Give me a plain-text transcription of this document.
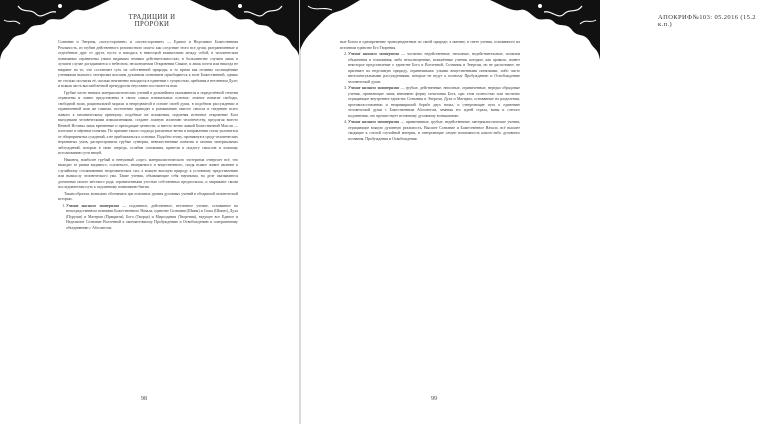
ТРАДИЦИИ И ПРОРОКИ

Сознание и Энергия, «потустороннее» и «посюстороннее» — Единое и Неделимое Божественная Реальность, из глубин действенного религиозного опыта: как следствие этого все души, разграниченные и отделённые друг от друга, пусть и находясь в некоторой взаимосвязи между собой, в человеческом понимании ограничены узким видимым земным действительностью; в большинстве случаев лишь в лучшем случае догадываются о небесном, нескончаемом Откровении Свыше, и лишь почти или никогда не взирают на то, что составляет суть их собственной природы; в то время как истинно посвящённые учениками высшего эзотеризма высшим духовным познанием приобщаются к воле Божественной, однако не столько постигая её, сколько неизменно находятся в единении с сущностью, пребывая в нетленном Духе; и всякая часть высшей вечной премудрости неустанно постигается ими.

Грубые части низших материалистических учений в дальнейшем оказываются в определённой степени отравлены и ложно представлены в своих самых изначальных основах: ложное понятие свободы, свободной воли, рациональной морали и непредвзятой в основе своей души, в подобном рассуждении и ограниченной ими же самими, постепенно приводят к размыванию святого смысла и сведению всего живого к механическому принципу; подобные же искажения, подменяя истинное откровение Бога выгодными человеческими измышлениями, создают ложную иллюзию человечеству, предлагая вместо Вечной Истины лишь временные и преходящие ценности, и вместо вечно живой Божественной Мысли — плотские и мёртвые понятия. По причине такого подхода различные ветви и направления стали уклоняться от общепринятых суждений, а не приближаться к основам. Подобно этому, проникнув в среду человеческих неразвитых умов, распространили грубые суеверия, невежественные понятия и зачатки материальных заблуждений, которые в свою очередь, ослабив основания, привели к подлогу смыслов и ложному истолкованию сути вещей.

Наконец, наиболее грубый и ненужный «сорт» материалистического эзотеризма отвергает всё, что выходит за рамки видимого, осязаемого, измеряемого и вещественного, сводя всякое живое явление к случайному столкновению неорганических сил, а всякую высшую природу к условному представлению или вымыслу человеческого ума. Такие учения, объявляющие себя научными, на деле оказываются догматами самого жёсткого рода, ограниченными узостью собственных предпосылок, и закрывают своим последователям путь к подлинному пониманию бытия.

Таким образом, возможно обозначить три основных уровня духовных учений в обозримой человеческой истории:

1. Учение высшего эзотеризма — подлинное, действенное, нетленное учение, основанное на непосредственном познании Божественного Начала, единстве Сознания (Шивы) и Силы (Шакти), Духа (Пуруши) и Материи (Пракрити), Бога (Творца) и Мироздания (Творения), ведущее все Единое и Неделимое Сознание Вселенной к окончательному Пробуждению и Освобождению и совершенному объединению с Абсолютом.
98
АПОКРИФ№103: 05.2016 (15.2 к.п.)

ные Богом и одновременно трансцендентные по своей природе; а именно, в свете учения, основанного на истинном единстве Его Творения.

2. Учение низшего эзотеризма — частично недейственные, неполные, недействительные, попытки объяснения и толкования, либо неполноценные, искажённые учения, которые, как правило, имеют некоторое представление о единстве Бога и Вселенной, Сознания и Энергии, но не распознают, не признают их неделимую природу, ограничиваясь узкими вещественными понятиями, либо чисто интеллектуальными рассуждениями, которые не ведут к полному Пробуждению и Освобождению человеческой души.
3. Учение низшего экзотеризма — грубые, действенные, неполные, ограниченные, нередко обрядовые учения, признающие лишь внешнюю форму почитания Бога, при этом полностью или частично отрицающие внутреннее единство Сознания и Энергии, Духа и Материи; основанные на разделении, противопоставлении и непримиримой борьбе двух начал, и отвергающие путь к единению человеческой души с Божественным Абсолютом, заменяя его идеей страха, вины и слепого подчинения, что препятствует истинному духовному возвышению.
4. Учение низшего экзотеризма — примитивные, грубые, недейственные, материалистические учения, отрицающие всякую духовную реальность, Высшее Сознание и Божественное Начало, всё высшее сводящие к слепой случайной материи, и отвергающие самую возможность какого-либо духовного познания, Пробуждения и Освобождения.
99
